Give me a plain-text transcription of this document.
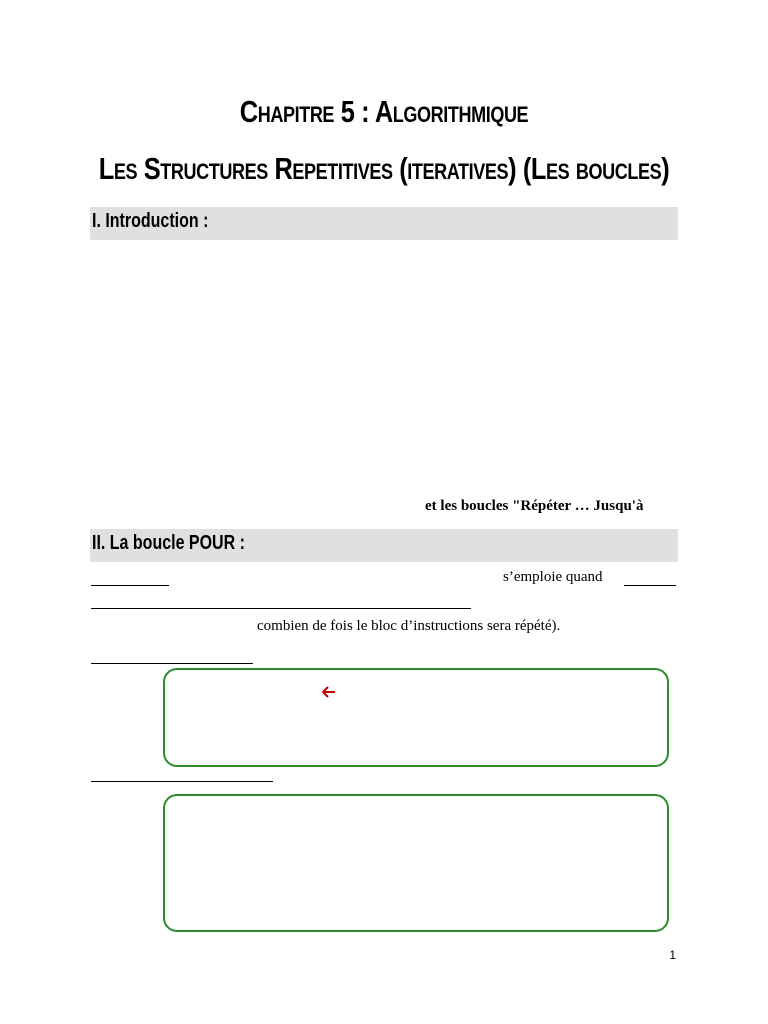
Chapitre 5 : Algorithmique
Les Structures Repetitives (iteratives) (Les boucles)
I. Introduction :
et les boucles "Répéter … Jusqu'à
II. La boucle POUR :
s’emploie quand
combien de fois le bloc d’instructions sera répété).
1
